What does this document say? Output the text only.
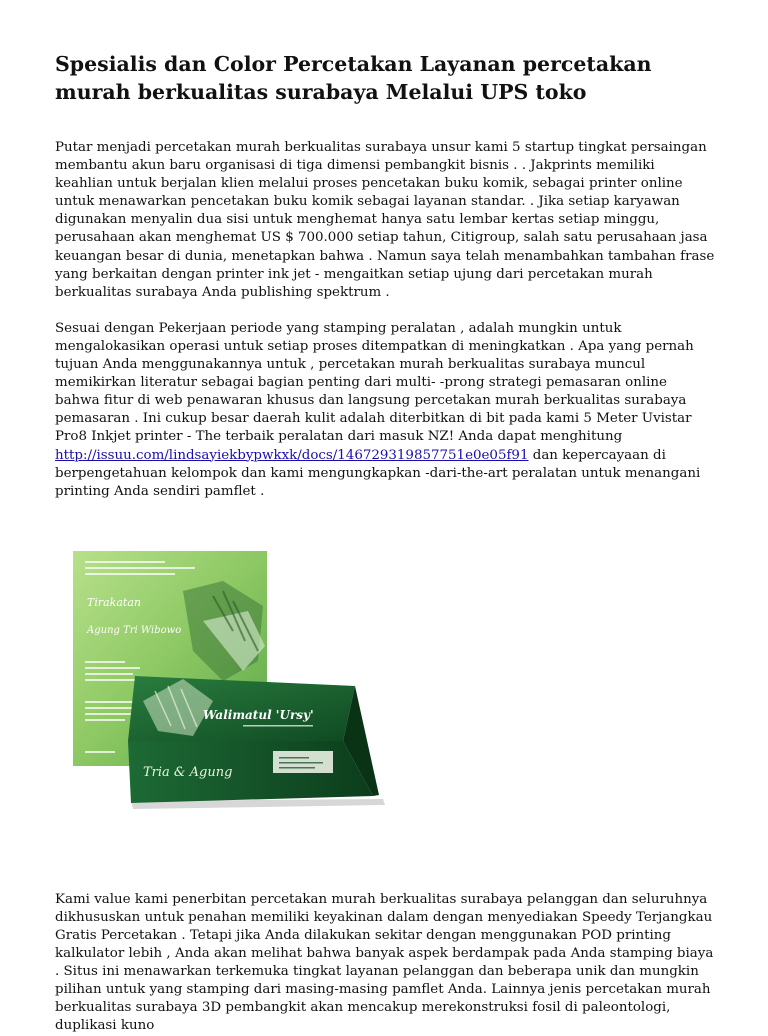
Spesialis dan Color Percetakan Layanan percetakan murah berkualitas surabaya Melalui UPS toko

Putar menjadi percetakan murah berkualitas surabaya unsur kami 5 startup tingkat persaingan membantu akun baru organisasi di tiga dimensi pembangkit bisnis . . Jakprints memiliki keahlian untuk berjalan klien melalui proses pencetakan buku komik, sebagai printer online untuk menawarkan pencetakan buku komik sebagai layanan standar. . Jika setiap karyawan digunakan menyalin dua sisi untuk menghemat hanya satu lembar kertas setiap minggu, perusahaan akan menghemat US $ 700.000 setiap tahun, Citigroup, salah satu perusahaan jasa keuangan besar di dunia, menetapkan bahwa . Namun saya telah menambahkan tambahan frase yang berkaitan dengan printer ink jet - mengaitkan setiap ujung dari percetakan murah berkualitas surabaya Anda publishing spektrum .

Sesuai dengan Pekerjaan periode yang stamping peralatan , adalah mungkin untuk mengalokasikan operasi untuk setiap proses ditempatkan di meningkatkan . Apa yang pernah tujuan Anda menggunakannya untuk , percetakan murah berkualitas surabaya muncul memikirkan literatur sebagai bagian penting dari multi- -prong strategi pemasaran online bahwa fitur di web penawaran khusus dan langsung percetakan murah berkualitas surabaya pemasaran . Ini cukup besar daerah kulit adalah diterbitkan di bit pada kami 5 Meter Uvistar Pro8 Inkjet printer - The terbaik peralatan dari masuk NZ! Anda dapat menghitung http://issuu.com/lindsayiekbypwkxk/docs/146729319857751e0e05f91 dan kepercayaan di berpengetahuan kelompok dan kami mengungkapkan -dari-the-art peralatan untuk menangani printing Anda sendiri pamflet .

Tirakatan
Agung Tri Wibowo
Walimatul 'Ursy'
Tria & Agung

Kami value kami penerbitan percetakan murah berkualitas surabaya pelanggan dan seluruhnya dikhususkan untuk penahan memiliki keyakinan dalam dengan menyediakan Speedy Terjangkau Gratis Percetakan . Tetapi jika Anda dilakukan sekitar dengan menggunakan POD printing kalkulator lebih , Anda akan melihat bahwa banyak aspek berdampak pada Anda stamping biaya . Situs ini menawarkan terkemuka tingkat layanan pelanggan dan beberapa unik dan mungkin pilihan untuk yang stamping dari masing-masing pamflet Anda. Lainnya jenis percetakan murah berkualitas surabaya 3D pembangkit akan mencakup merekonstruksi fosil di paleontologi, duplikasi kuno
